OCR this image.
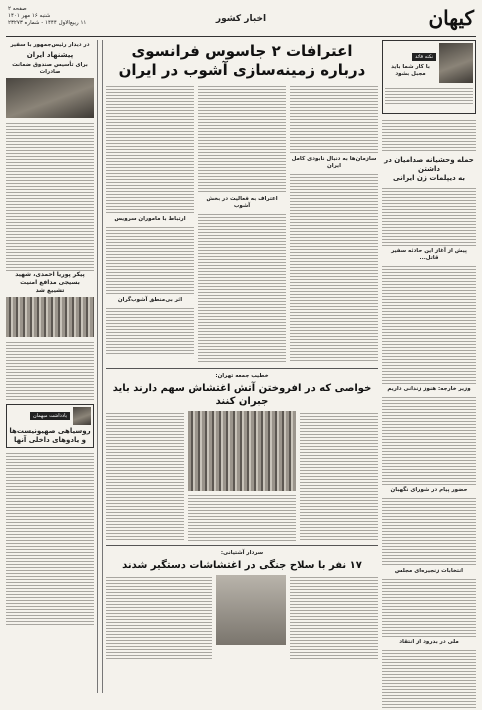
کیهان
اخبار کشور
صفحه ۲
شنبه ۱۶ مهر ۱۴۰۱
۱۱ ربیع‌الاول ۱۴۴۴ - شماره ۲۳۲۷۳
نکته قائد
با کار شما باید مجبل بشود
حمله وحشیانه صدامیان در داشتن
به دیپلمات زن ایرانی
پیش از آغاز این حادثه سفیر قاتل...
وزیر خارجه: هنوز زندانی داریم
حضور پیام در شورای نگهبان
انتخابات زنجیره‌ای مجلس
ملی در بدرود از انتقاد
اعترافات ۲ جاسوس فرانسوی
درباره زمینه‌سازی آشوب در ایران
سازمان‌ها به دنبال نابودی کامل ایران
اعتراف به فعالیت در بخش آشوب
ارتباط با ماموران سرویس
اثر بی‌منطق آشوب‌گران
خطیب جمعه تهران:
خواصی که در افروختن آتش اغتشاش سهم دارند باید جبران کنند
سردار آشتیانی:
۱۷ نفر با سلاح جنگی در اغتشاشات دستگیر شدند
در دیدار رئیس‌جمهور با سفیر
پیشنهاد ایران
برای تأسیس صندوق ضمانت صادرات
پیکر پوریا احمدی، شهید بسیجی مدافع امنیت
تشییع شد
یادداشت میهمان
روسیاهی صهیونیست‌ها
و یادوهای داخلی آنها
